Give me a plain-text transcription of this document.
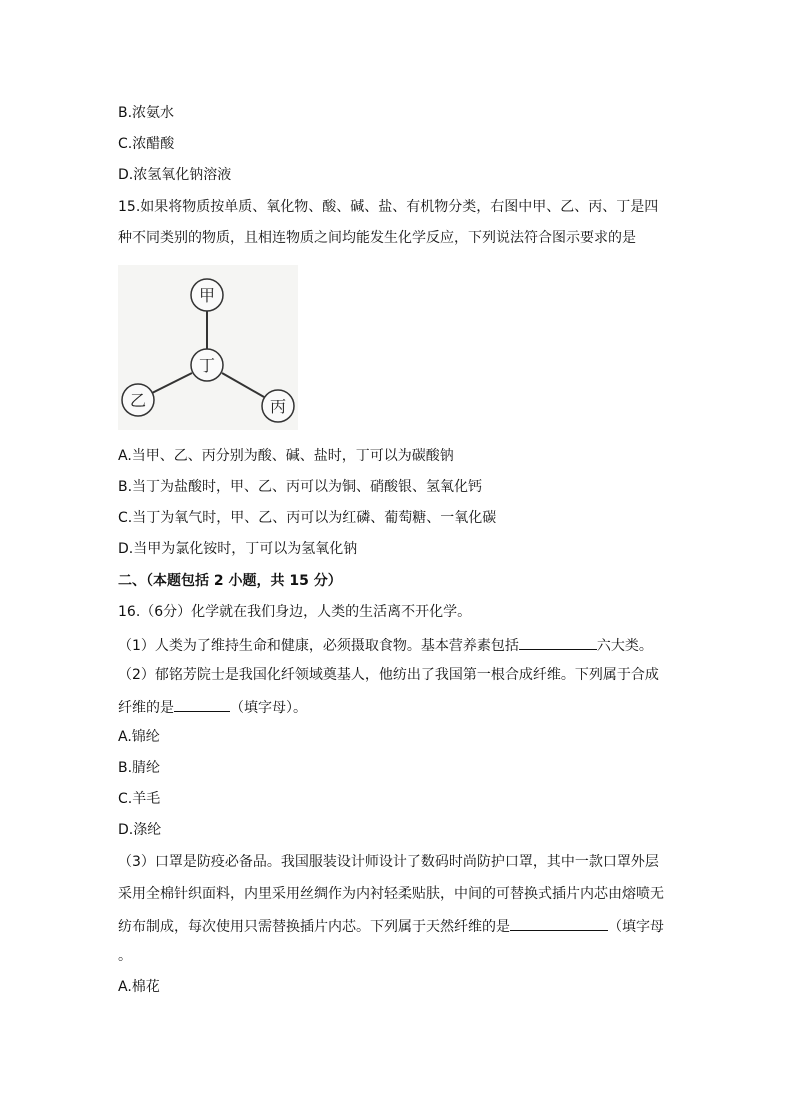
B.浓氨水
C.浓醋酸
D.浓氢氧化钠溶液
15.如果将物质按单质、氧化物、酸、碱、盐、有机物分类，右图中甲、乙、丙、丁是四
种不同类别的物质，且相连物质之间均能发生化学反应，下列说法符合图示要求的是
甲
丁
乙	丙
A.当甲、乙、丙分别为酸、碱、盐时，丁可以为碳酸钠
B.当丁为盐酸时，甲、乙、丙可以为铜、硝酸银、氢氧化钙
C.当丁为氧气时，甲、乙、丙可以为红磷、葡萄糖、一氧化碳
D.当甲为氯化铵时，丁可以为氢氧化钠
二、（本题包括 2 小题，共 15 分）
16.（6分）化学就在我们身边，人类的生活离不开化学。
（1）人类为了维持生命和健康，必须摄取食物。基本营养素包括	六大类。
（2）郁铭芳院士是我国化纤领域奠基人，他纺出了我国第一根合成纤维。下列属于合成
纤维的是	（填字母）。
A.锦纶
B.腈纶
C.羊毛
D.涤纶
（3）口罩是防疫必备品。我国服装设计师设计了数码时尚防护口罩，其中一款口罩外层
采用全棉针织面料，内里采用丝绸作为内衬轻柔贴肤，中间的可替换式插片内芯由熔喷无
纺布制成，每次使用只需替换插片内芯。下列属于天然纤维的是	（填字母
。
A.棉花
